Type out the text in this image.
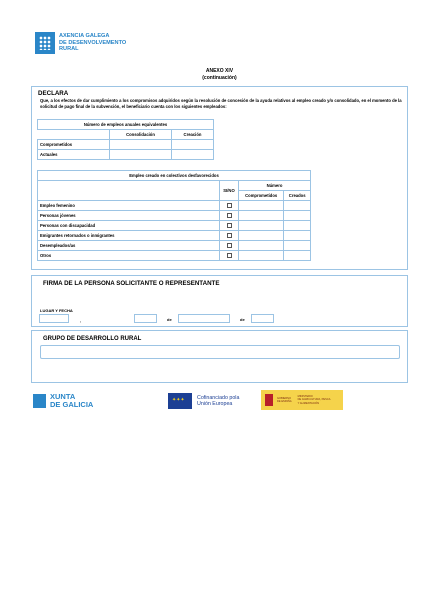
AXENCIA GALEGA
DE DESENVOLVEMENTO
RURAL
ANEXO XIV
(continuación)
DECLARA
Que, a los efectos de dar cumplimiento a los compromisos adquiridos según la resolución de concesión de la ayuda relativos al empleo creado y/o consolidado, en el momento de la solicitud de pago final de la subvención, el beneficiario cuenta con los siguientes empleados:
Número de empleos anuales equivalentes		
	Consolidación	Creación
Comprometidos		
Actuales		
Empleo creado en colectivos desfavorecidos			
	SI/NO	Número	
		Comprometidos	Creados
Empleo femenino			
Personas jóvenes			
Personas con discapacidad			
Emigrantes retornados o inmigrantes			
Desempleados/as			
Otros			
FIRMA DE LA PERSONA SOLICITANTE O REPRESENTANTE
LUGAR Y FECHA
,	de	de
GRUPO DE DESARROLLO RURAL
XUNTA
DE GALICIA
✦✦✦
Cofinanciado pola
Unión Europea
GOBIERNO
DE ESPAÑA
MINISTERIO
DE AGRICULTURA, PESCA
Y ALIMENTACIÓN
